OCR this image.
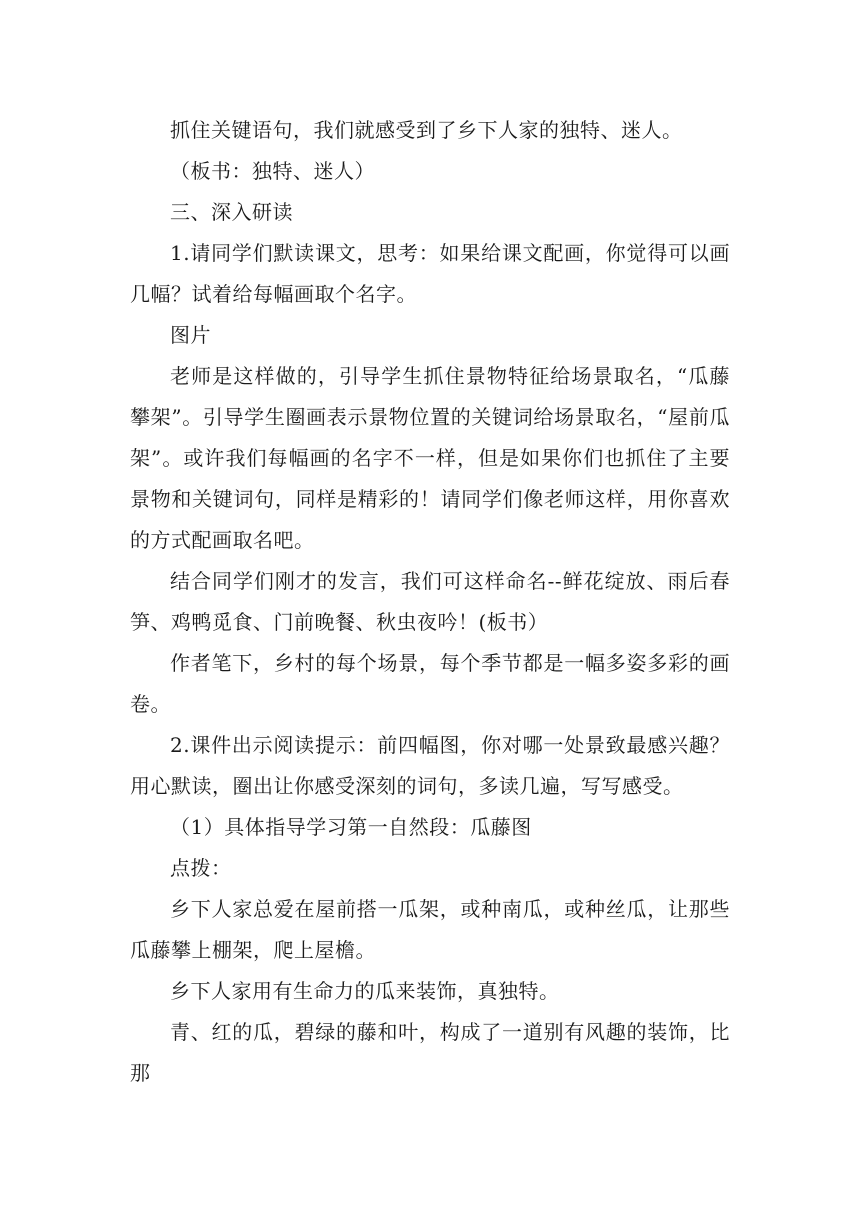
抓住关键语句，我们就感受到了乡下人家的独特、迷人。

（板书：独特、迷人）

三、深入研读

1.请同学们默读课文，思考：如果给课文配画，你觉得可以画几幅？试着给每幅画取个名字。

图片

老师是这样做的，引导学生抓住景物特征给场景取名，“瓜藤攀架”。引导学生圈画表示景物位置的关键词给场景取名，“屋前瓜架”。或许我们每幅画的名字不一样，但是如果你们也抓住了主要景物和关键词句，同样是精彩的！请同学们像老师这样，用你喜欢的方式配画取名吧。

结合同学们刚才的发言，我们可这样命名--鲜花绽放、雨后春笋、鸡鸭觅食、门前晚餐、秋虫夜吟！(板书）

作者笔下，乡村的每个场景，每个季节都是一幅多姿多彩的画卷。

2.课件出示阅读提示：前四幅图，你对哪一处景致最感兴趣？用心默读，圈出让你感受深刻的词句，多读几遍，写写感受。

（1）具体指导学习第一自然段：瓜藤图

点拨：

乡下人家总爱在屋前搭一瓜架，或种南瓜，或种丝瓜，让那些瓜藤攀上棚架，爬上屋檐。

乡下人家用有生命力的瓜来装饰，真独特。

青、红的瓜，碧绿的藤和叶，构成了一道别有风趣的装饰，比那
